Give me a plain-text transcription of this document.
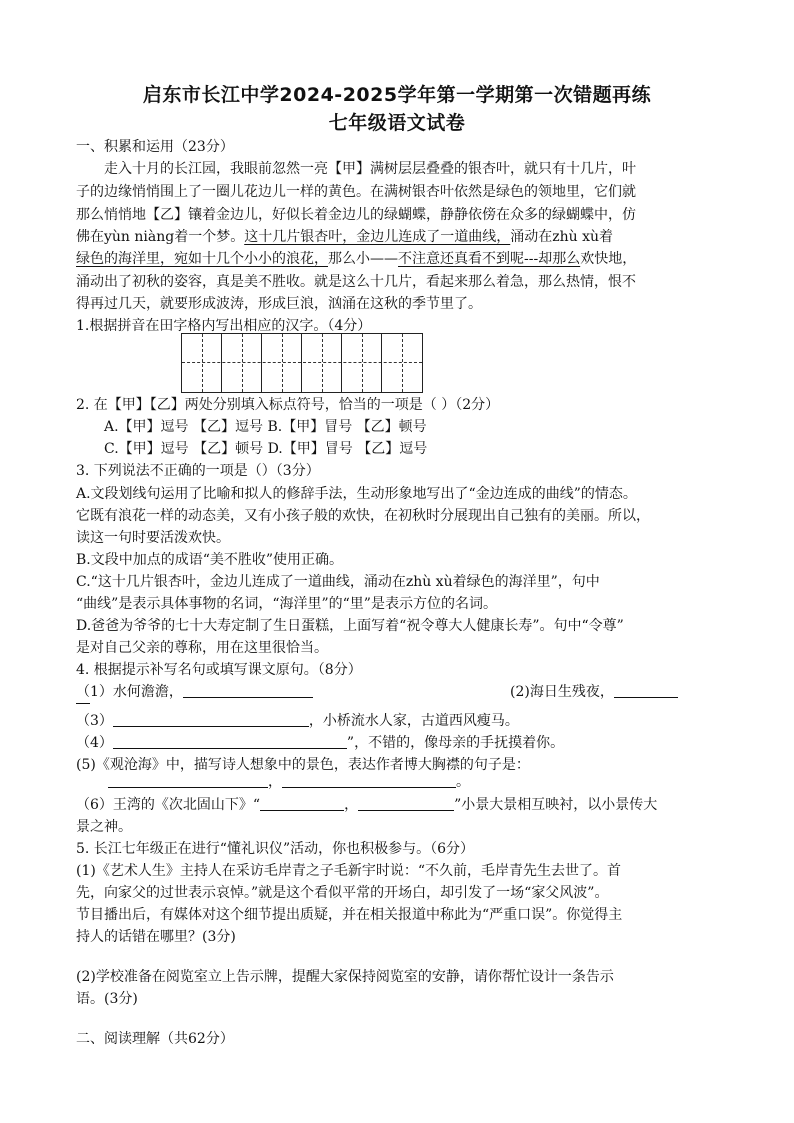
启东市长江中学2024-2025学年第一学期第一次错题再练
七年级语文试卷
一、积累和运用（23分）
走入十月的长江园，我眼前忽然一亮【甲】满树层层叠叠的银杏叶，就只有十几片，叶
子的边缘悄悄围上了一圈儿花边儿一样的黄色。在满树银杏叶依然是绿色的领地里，它们就
那么悄悄地【乙】镶着金边儿，好似长着金边儿的绿蝴蝶，静静依傍在众多的绿蝴蝶中，仿
佛在yùn niàng着一个梦。这十几片银杏叶，金边儿连成了一道曲线，涌动在zhù xù着
绿色的海洋里，宛如十几个小小的浪花，那么小——不注意还真看不到呢---却那么欢快地，
涌动出了初秋的姿容，真是美不胜收。就是这么十几片，看起来那么着急，那么热情，恨不
得再过几天，就要形成波涛，形成巨浪，汹涌在这秋的季节里了。
1.根据拼音在田字格内写出相应的汉字。（4分）
2. 在【甲】【乙】两处分别填入标点符号，恰当的一项是（ ）（2分）
A.【甲】逗号 【乙】逗号 B.【甲】冒号 【乙】顿号
C.【甲】逗号 【乙】顿号 D.【甲】冒号 【乙】逗号
3. 下列说法不正确的一项是（）（3分）
A.文段划线句运用了比喻和拟人的修辞手法，生动形象地写出了“金边连成的曲线”的情态。
它既有浪花一样的动态美，又有小孩子般的欢快，在初秋时分展现出自己独有的美丽。所以，
读这一句时要活泼欢快。
B.文段中加点的成语“美不胜收”使用正确。
C.“这十几片银杏叶，金边儿连成了一道曲线，涌动在zhù xù着绿色的海洋里”，句中
“曲线”是表示具体事物的名词，“海洋里”的“里”是表示方位的名词。
D.爸爸为爷爷的七十大寿定制了生日蛋糕，上面写着“祝令尊大人健康长寿”。句中“令尊”
是对自己父亲的尊称，用在这里很恰当。
4. 根据提示补写名句或填写课文原句。（8分）
（1）水何澹澹，	(2)海日生残夜，
（3）	，小桥流水人家，古道西风瘦马。
（4）	”，不错的，像母亲的手抚摸着你。
(5)《观沧海》中，描写诗人想象中的景色，表达作者博大胸襟的句子是：
，	。
（6）王湾的《次北固山下》“	，	”小景大景相互映衬，以小景传大
景之神。
5. 长江七年级正在进行“懂礼识仪”活动，你也积极参与。（6分）
(1)《艺术人生》主持人在采访毛岸青之子毛新宇时说：“不久前，毛岸青先生去世了。首
先，向家父的过世表示哀悼。”就是这个看似平常的开场白，却引发了一场“家父风波”。
节目播出后，有媒体对这个细节提出质疑，并在相关报道中称此为“严重口误”。你觉得主
持人的话错在哪里？(3分)
(2)学校准备在阅览室立上告示牌，提醒大家保持阅览室的安静，请你帮忙设计一条告示
语。(3分)
二、阅读理解（共62分）
